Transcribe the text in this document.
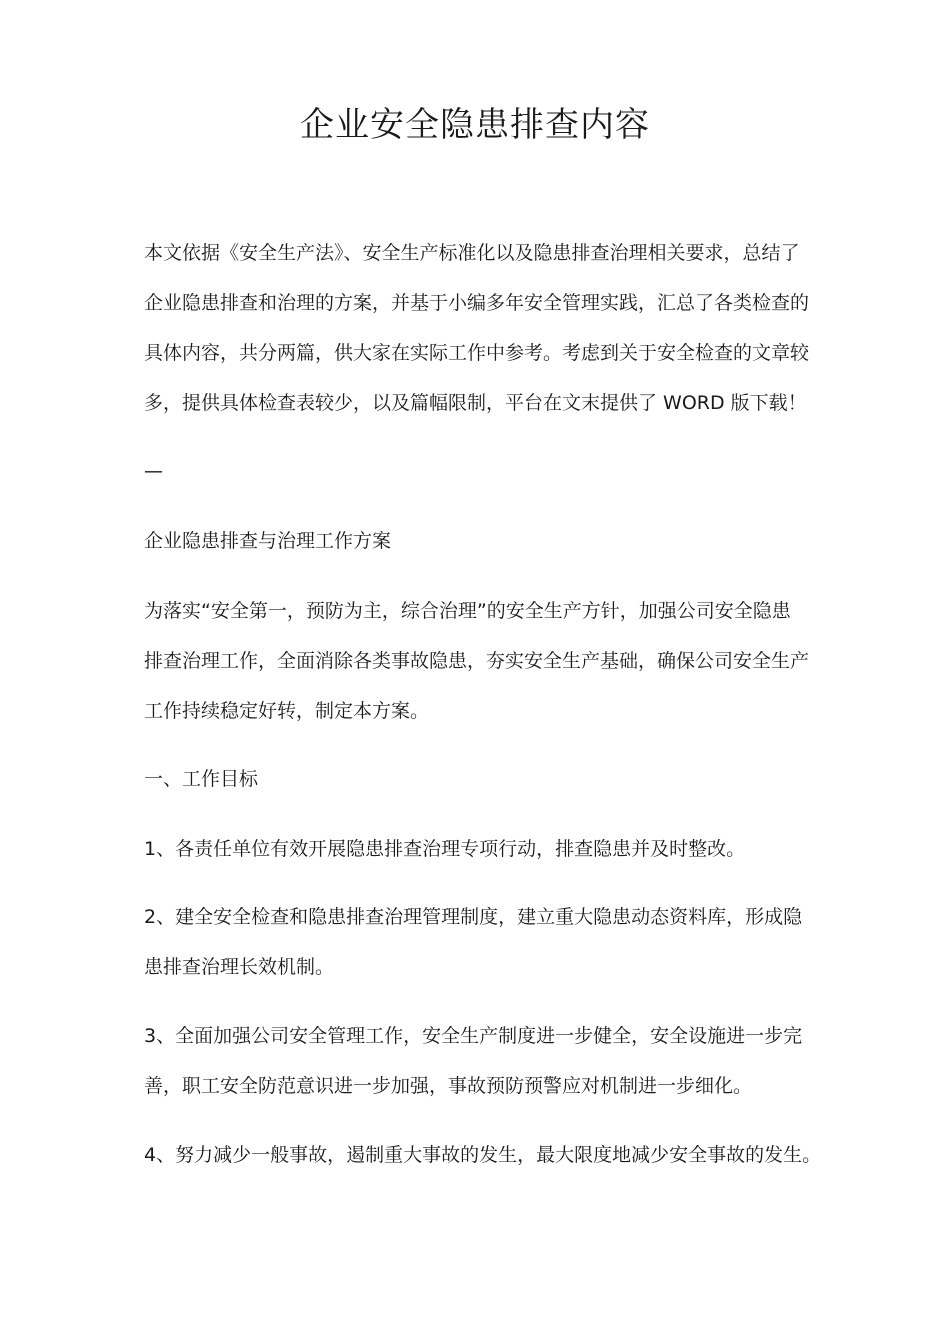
企业安全隐患排查内容
本文依据《安全生产法》、安全生产标准化以及隐患排查治理相关要求，总结了
企业隐患排查和治理的方案，并基于小编多年安全管理实践，汇总了各类检查的
具体内容，共分两篇，供大家在实际工作中参考。考虑到关于安全检查的文章较
多，提供具体检查表较少，以及篇幅限制，平台在文末提供了 WORD 版下载！
—
企业隐患排查与治理工作方案
为落实“安全第一，预防为主，综合治理”的安全生产方针，加强公司安全隐患
排查治理工作，全面消除各类事故隐患，夯实安全生产基础，确保公司安全生产
工作持续稳定好转，制定本方案。
一、工作目标
1、各责任单位有效开展隐患排查治理专项行动，排查隐患并及时整改。
2、建全安全检查和隐患排查治理管理制度，建立重大隐患动态资料库，形成隐
患排查治理长效机制。
3、全面加强公司安全管理工作，安全生产制度进一步健全，安全设施进一步完
善，职工安全防范意识进一步加强，事故预防预警应对机制进一步细化。
4、努力减少一般事故，遏制重大事故的发生，最大限度地减少安全事故的发生。
